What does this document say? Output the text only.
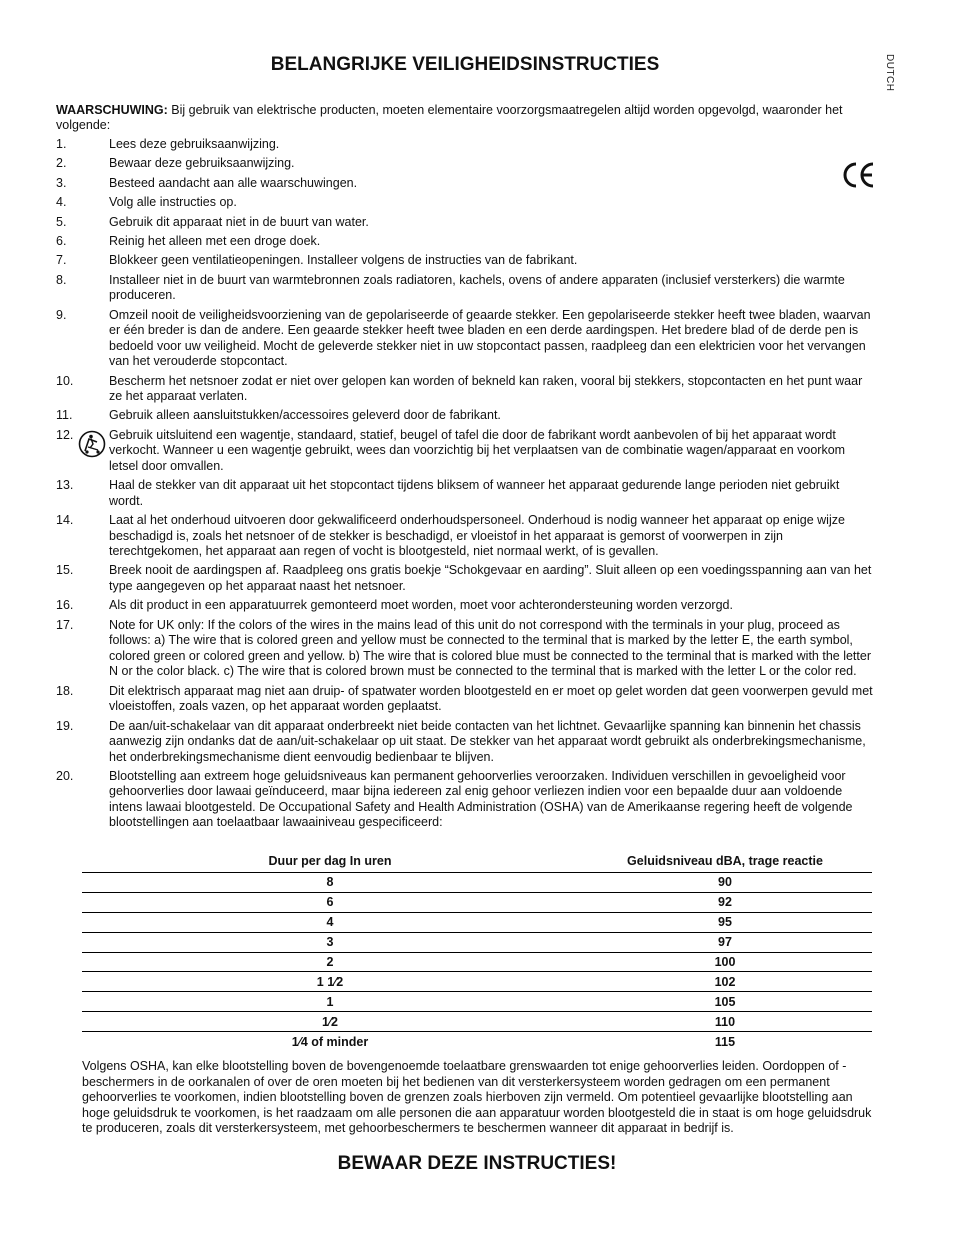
DUTCH
BELANGRIJKE VEILIGHEIDSINSTRUCTIES
WAARSCHUWING: Bij gebruik van elektrische producten, moeten elementaire voorzorgsmaatregelen altijd worden opgevolgd, waaronder het volgende:
1.	Lees deze gebruiksaanwijzing.
2.	Bewaar deze gebruiksaanwijzing.
3.	Besteed aandacht aan alle waarschuwingen.
4.	Volg alle instructies op.
5.	Gebruik dit apparaat niet in de buurt van water.
6.	Reinig het alleen met een droge doek.
7.	Blokkeer geen ventilatieopeningen. Installeer volgens de instructies van de fabrikant.
8.	Installeer niet in de buurt van warmtebronnen zoals radiatoren, kachels, ovens of andere apparaten (inclusief versterkers) die warmte produceren.
9.	Omzeil nooit de veiligheidsvoorziening van de gepolariseerde of geaarde stekker. Een gepolariseerde stekker heeft twee bladen, waarvan er één breder is dan de andere. Een geaarde stekker heeft twee bladen en een derde aardingspen. Het bredere blad of de derde pen is bedoeld voor uw veiligheid. Mocht de geleverde stekker niet in uw stopcontact passen, raadpleeg dan een elektricien voor het vervangen van het verouderde stopcontact.
10.	Bescherm het netsnoer zodat er niet over gelopen kan worden of bekneld kan raken, vooral bij stekkers, stopcontacten en het punt waar ze het apparaat verlaten.
11.	Gebruik alleen aansluitstukken/accessoires geleverd door de fabrikant.
12.	Gebruik uitsluitend een wagentje, standaard, statief, beugel of tafel die door de fabrikant wordt aanbevolen of bij het apparaat wordt verkocht. Wanneer u een wagentje gebruikt, wees dan voorzichtig bij het verplaatsen van de combinatie wagen/apparaat en voorkom letsel door omvallen.
13.	Haal de stekker van dit apparaat uit het stopcontact tijdens bliksem of wanneer het apparaat gedurende lange perioden niet gebruikt wordt.
14.	Laat al het onderhoud uitvoeren door gekwalificeerd onderhoudspersoneel. Onderhoud is nodig wanneer het apparaat op enige wijze beschadigd is, zoals het netsnoer of de stekker is beschadigd, er vloeistof in het apparaat is gemorst of voorwerpen in zijn terechtgekomen, het apparaat aan regen of vocht is blootgesteld, niet normaal werkt, of is gevallen.
15.	Breek nooit de aardingspen af. Raadpleeg ons gratis boekje “Schokgevaar en aarding”. Sluit alleen op een voedingsspanning aan van het type aangegeven op het apparaat naast het netsnoer.
16.	Als dit product in een apparatuurrek gemonteerd moet worden, moet voor achterondersteuning worden verzorgd.
17.	Note for UK only: If the colors of the wires in the mains lead of this unit do not correspond with the terminals in your plug, proceed as follows: a) The wire that is colored green and yellow must be connected to the terminal that is marked by the letter E, the earth symbol, colored green or colored green and yellow. b) The wire that is colored blue must be connected to the terminal that is marked with the letter N or the color black. c) The wire that is colored brown must be connected to the terminal that is marked with the letter L or the color red.
18.	Dit elektrisch apparaat mag niet aan druip- of spatwater worden blootgesteld en er moet op gelet worden dat geen voorwerpen gevuld met vloeistoffen, zoals vazen, op het apparaat worden geplaatst.
19.	De aan/uit-schakelaar van dit apparaat onderbreekt niet beide contacten van het lichtnet. Gevaarlijke spanning kan binnenin het chassis aanwezig zijn ondanks dat de aan/uit-schakelaar op uit staat. De stekker van het apparaat wordt gebruikt als onderbrekingsmechanisme, het onderbrekingsmechanisme dient eenvoudig bedienbaar te blijven.
20.	Blootstelling aan extreem hoge geluidsniveaus kan permanent gehoorverlies veroorzaken. Individuen verschillen in gevoeligheid voor gehoorverlies door lawaai geïnduceerd, maar bijna iedereen zal enig gehoor verliezen indien voor een bepaalde duur aan voldoende intens lawaai blootgesteld. De Occupational Safety and Health Administration (OSHA) van de Amerikaanse regering heeft de volgende blootstellingen aan toelaatbaar lawaainiveau gespecificeerd:
Duur per dag In uren	Geluidsniveau dBA, trage reactie
8	90
6	92
4	95
3	97
2	100
1 1⁄2	102
1	105
1⁄2	110
1⁄4 of minder	115
Volgens OSHA, kan elke blootstelling boven de bovengenoemde toelaatbare grenswaarden tot enige gehoorverlies leiden. Oordoppen of -beschermers in de oorkanalen of over de oren moeten bij het bedienen van dit versterkersysteem worden gedragen om een permanent gehoorverlies te voorkomen, indien blootstelling boven de grenzen zoals hierboven zijn vermeld. Om potentieel gevaarlijke blootstelling aan hoge geluidsdruk te voorkomen, is het raadzaam om alle personen die aan apparatuur worden blootgesteld die in staat is om hoge geluidsdruk te produceren, zoals dit versterkersysteem, met gehoorbeschermers te beschermen wanneer dit apparaat in bedrijf is.
BEWAAR DEZE INSTRUCTIES!
